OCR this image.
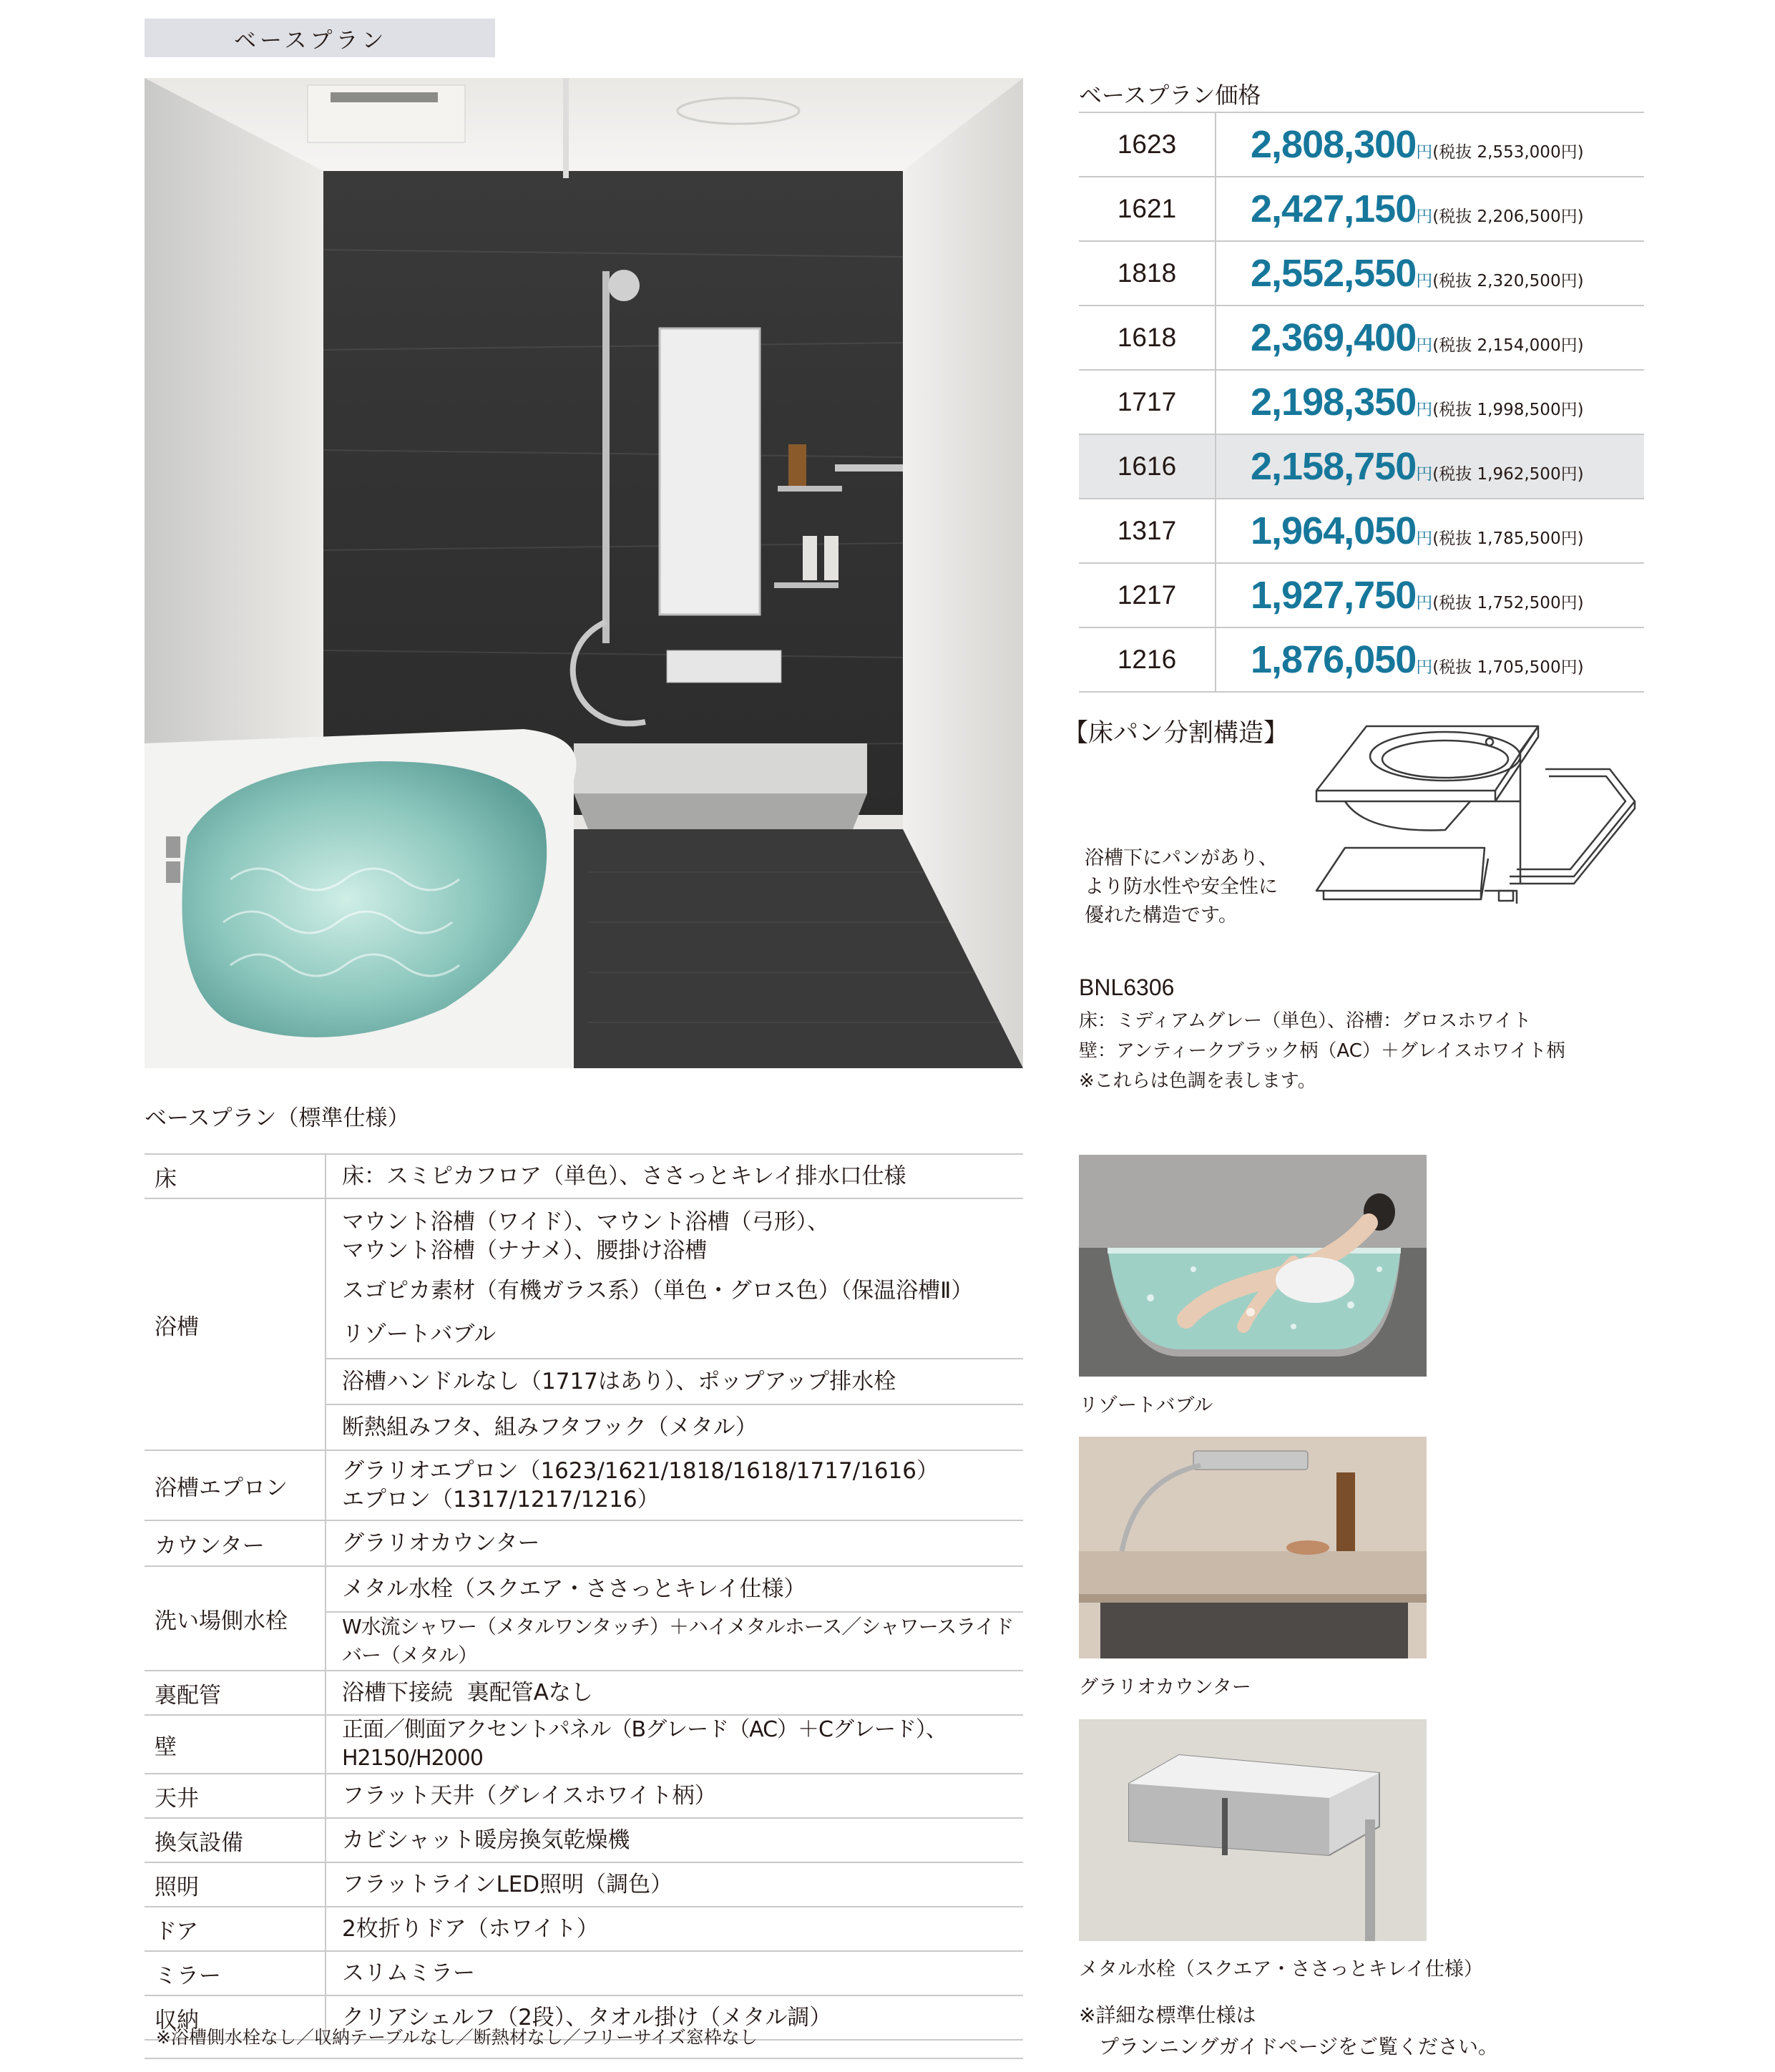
ベースプラン
ベースプラン価格
1623	2,808,300円(税抜 2,553,000円)
1621	2,427,150円(税抜 2,206,500円)
1818	2,552,550円(税抜 2,320,500円)
1618	2,369,400円(税抜 2,154,000円)
1717	2,198,350円(税抜 1,998,500円)
1616	2,158,750円(税抜 1,962,500円)
1317	1,964,050円(税抜 1,785,500円)
1217	1,927,750円(税抜 1,752,500円)
1216	1,876,050円(税抜 1,705,500円)
【床パン分割構造】
浴槽下にパンがあり、
より防水性や安全性に
優れた構造です。
BNL6306
床：ミディアムグレー（単色）、浴槽：グロスホワイト
壁：アンティークブラック柄（AC）＋グレイスホワイト柄
※これらは色調を表します。
ベースプラン（標準仕様）
床	床：スミピカフロア（単色）、ささっとキレイ排水口仕様
浴槽	マウント浴槽（ワイド）、マウント浴槽（弓形）、
マウント浴槽（ナナメ）、腰掛け浴槽

	スゴピカ素材（有機ガラス系）（単色・グロス色）（保温浴槽Ⅱ）
	リゾートバブル
	浴槽ハンドルなし（1717はあり）、ポップアップ排水栓
	断熱組みフタ、組みフタフック（メタル）
浴槽エプロン	グラリオエプロン（1623/1621/1818/1618/1717/1616）
エプロン（1317/1217/1216）

カウンター	グラリオカウンター
洗い場側水栓	メタル水栓（スクエア・ささっとキレイ仕様）
	W水流シャワー（メタルワンタッチ）＋ハイメタルホース／シャワースライドバー（メタル）
裏配管	浴槽下接続  裏配管Aなし
壁	正面／側面アクセントパネル（Bグレード（AC）＋Cグレード）、H2150/H2000
天井	フラット天井（グレイスホワイト柄）
換気設備	カビシャット暖房換気乾燥機
照明	フラットラインLED照明（調色）
ドア	2枚折りドア（ホワイト）
ミラー	スリムミラー
収納	クリアシェルフ（2段）、タオル掛け（メタル調）
※浴槽側水栓なし／収納テーブルなし／断熱材なし／フリーサイズ窓枠なし
リゾートバブル
グラリオカウンター
メタル水栓（スクエア・ささっとキレイ仕様）
※詳細な標準仕様は
プランニングガイドページをご覧ください。
